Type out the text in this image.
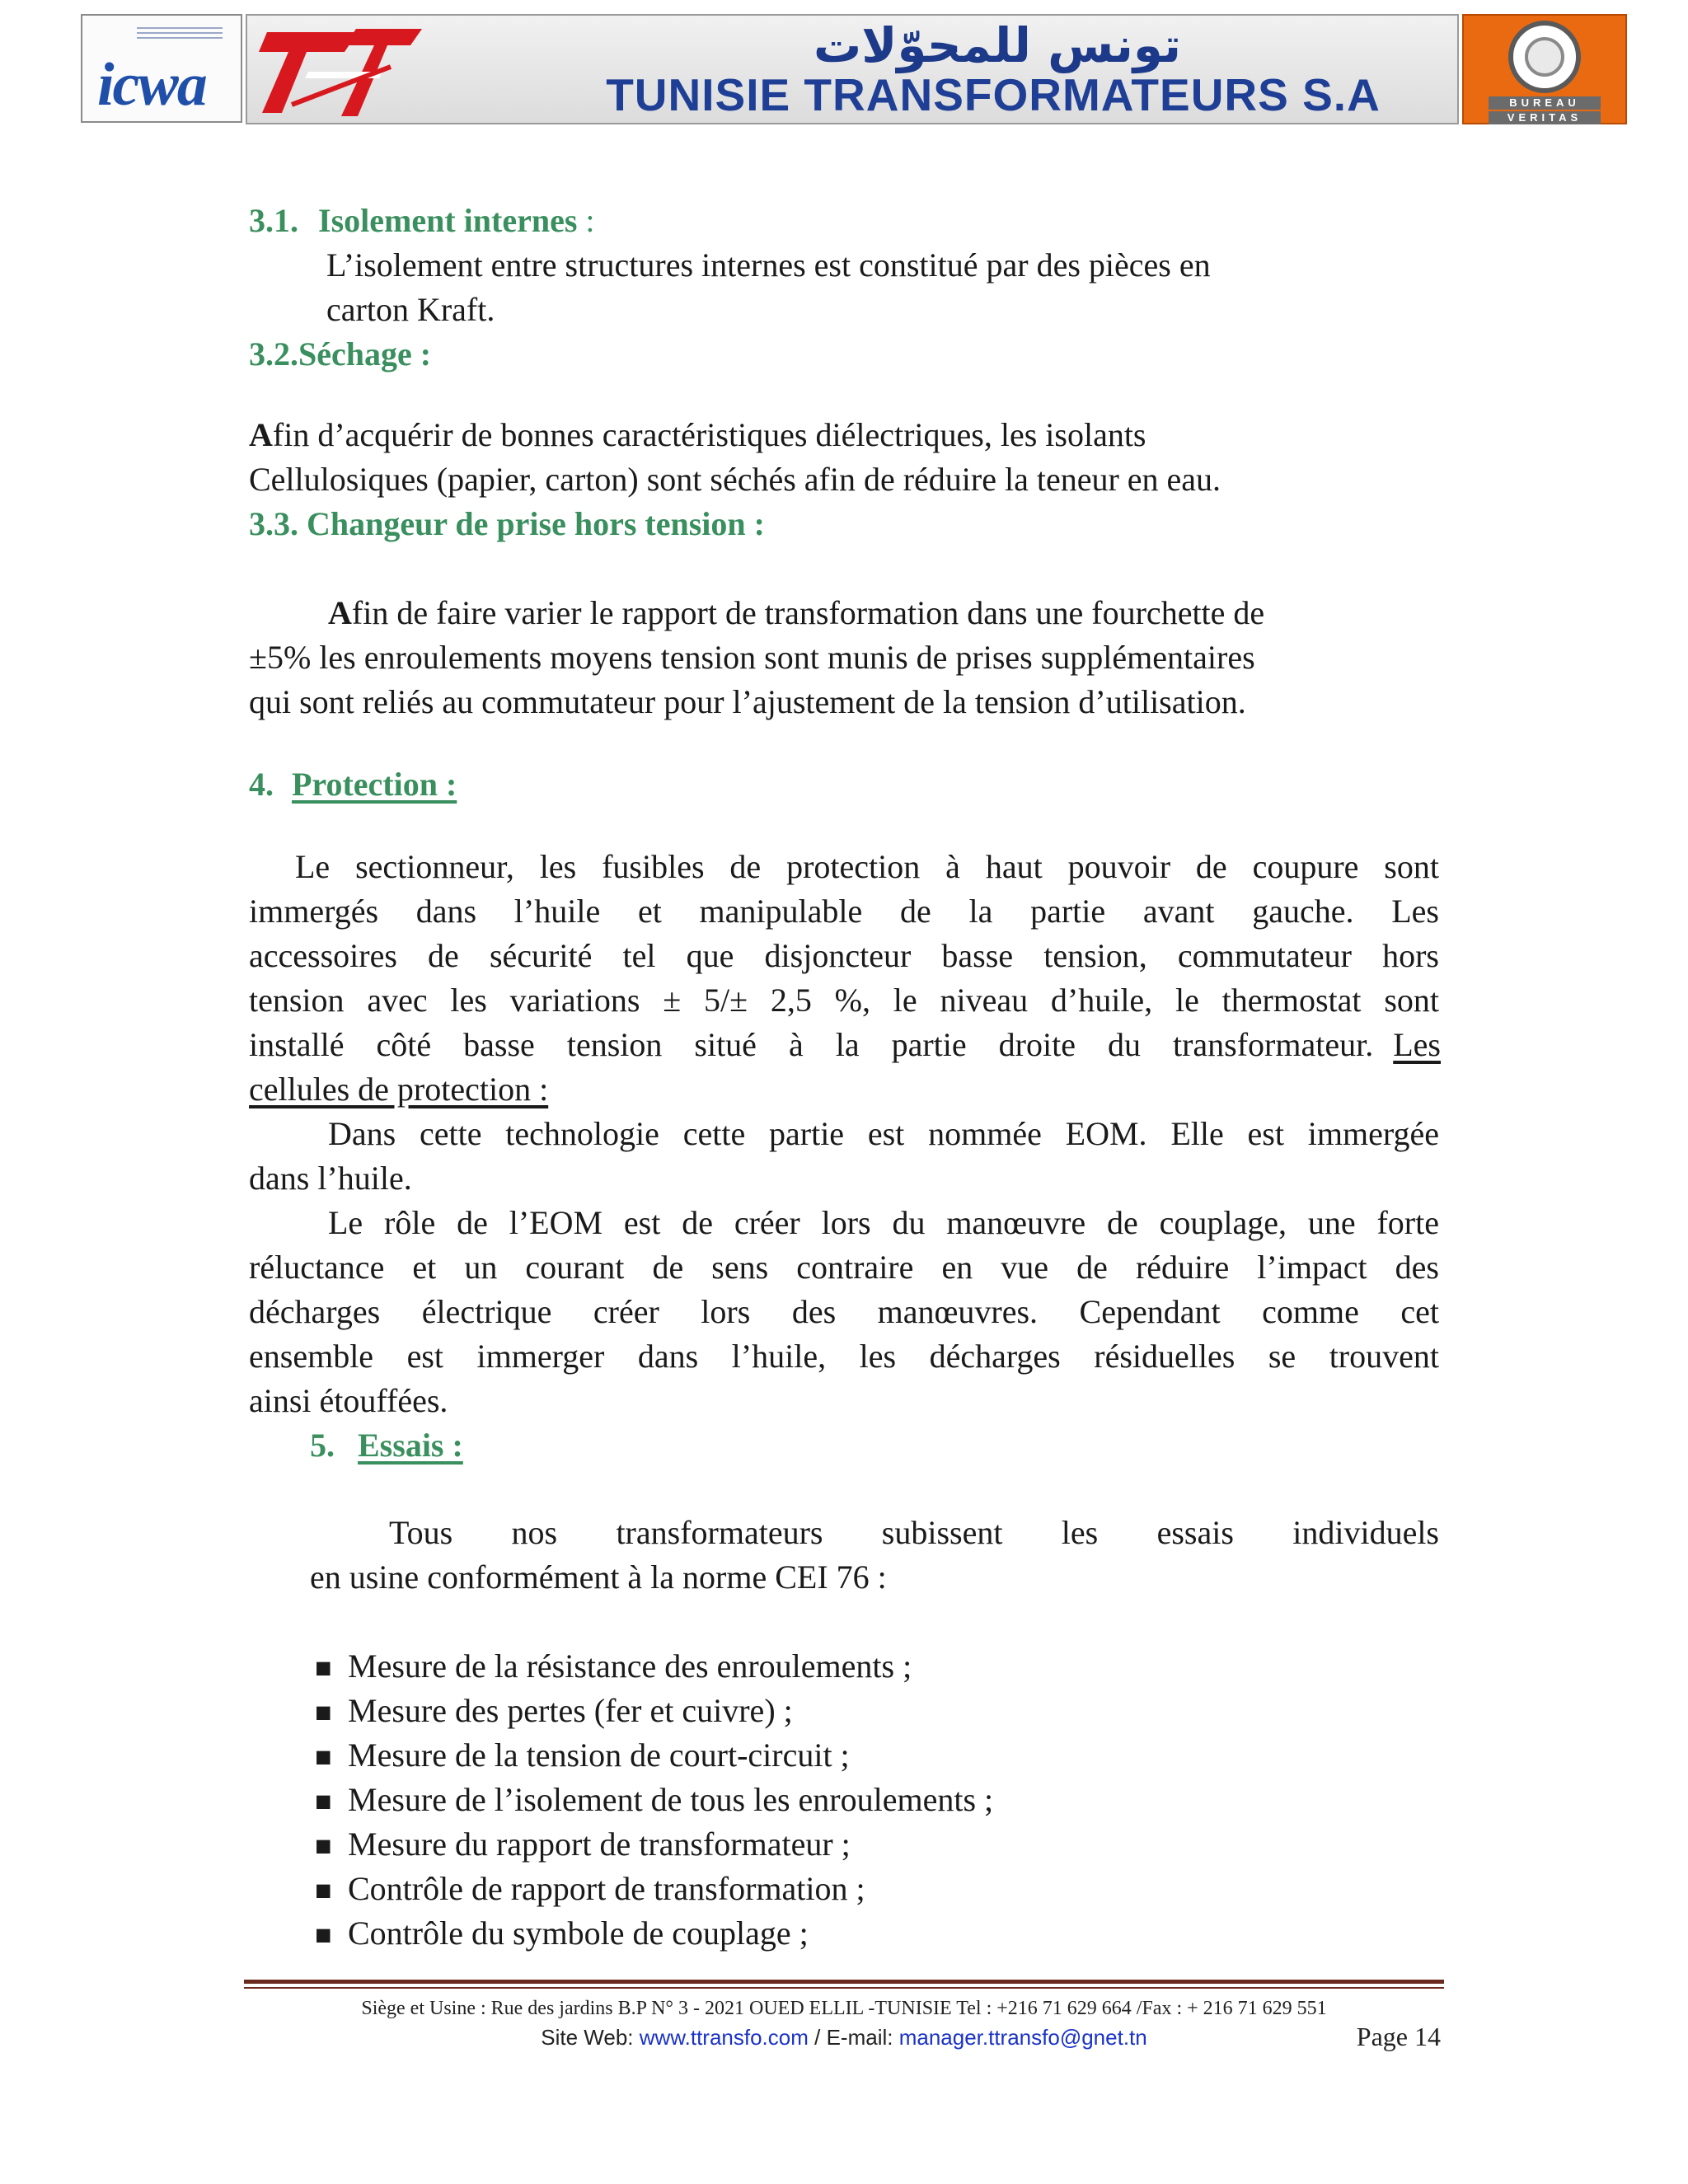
icwa
تونس للمحوّلات
TUNISIE TRANSFORMATEURS S.A	BUREAU
VERITAS
3.1. Isolement internes :
L’isolement entre structures internes est constitué par des pièces en
carton Kraft.
3.2.Séchage :
Afin d’acquérir de bonnes caractéristiques diélectriques, les isolants
Cellulosiques (papier, carton) sont séchés afin de réduire la teneur en eau.
3.3. Changeur de prise hors tension :
Afin de faire varier le rapport de transformation dans une fourchette de
±5% les enroulements moyens tension sont munis de prises supplémentaires
qui sont reliés au commutateur pour l’ajustement de la tension d’utilisation.
4. Protection :
Le sectionneur, les fusibles de protection à haut pouvoir de coupure sont
immergés dans l’huile et manipulable de la partie avant gauche. Les
accessoires de sécurité tel que disjoncteur basse tension, commutateur hors
tension avec les variations ± 5/± 2,5 %, le niveau d’huile, le thermostat sont
installé côté basse tension situé à la partie droite du transformateur. Les
cellules de protection :
Dans cette technologie cette partie est nommée EOM. Elle est immergée
dans l’huile.
Le rôle de l’EOM est de créer lors du manœuvre de couplage, une forte
réluctance et un courant de sens contraire en vue de réduire l’impact des
décharges électrique créer lors des manœuvres. Cependant comme cet
ensemble est immerger dans l’huile, les décharges résiduelles se trouvent
ainsi étouffées.
5. Essais :
Tous nos transformateurs subissent les essais individuels
en usine conformément à la norme CEI 76 :
■ Mesure de la résistance des enroulements ;
■ Mesure des pertes (fer et cuivre) ;
■ Mesure de la tension de court-circuit ;
■ Mesure de l’isolement de tous les enroulements ;
■ Mesure du rapport de transformateur ;
■ Contrôle de rapport de transformation ;
■ Contrôle du symbole de couplage ;
Siège et Usine : Rue des jardins B.P N° 3 - 2021 OUED ELLIL -TUNISIE Tel : +216 71 629 664 /Fax : + 216 71 629 551
Site Web: www.ttransfo.com / E-mail: manager.ttransfo@gnet.tn	Page 14
